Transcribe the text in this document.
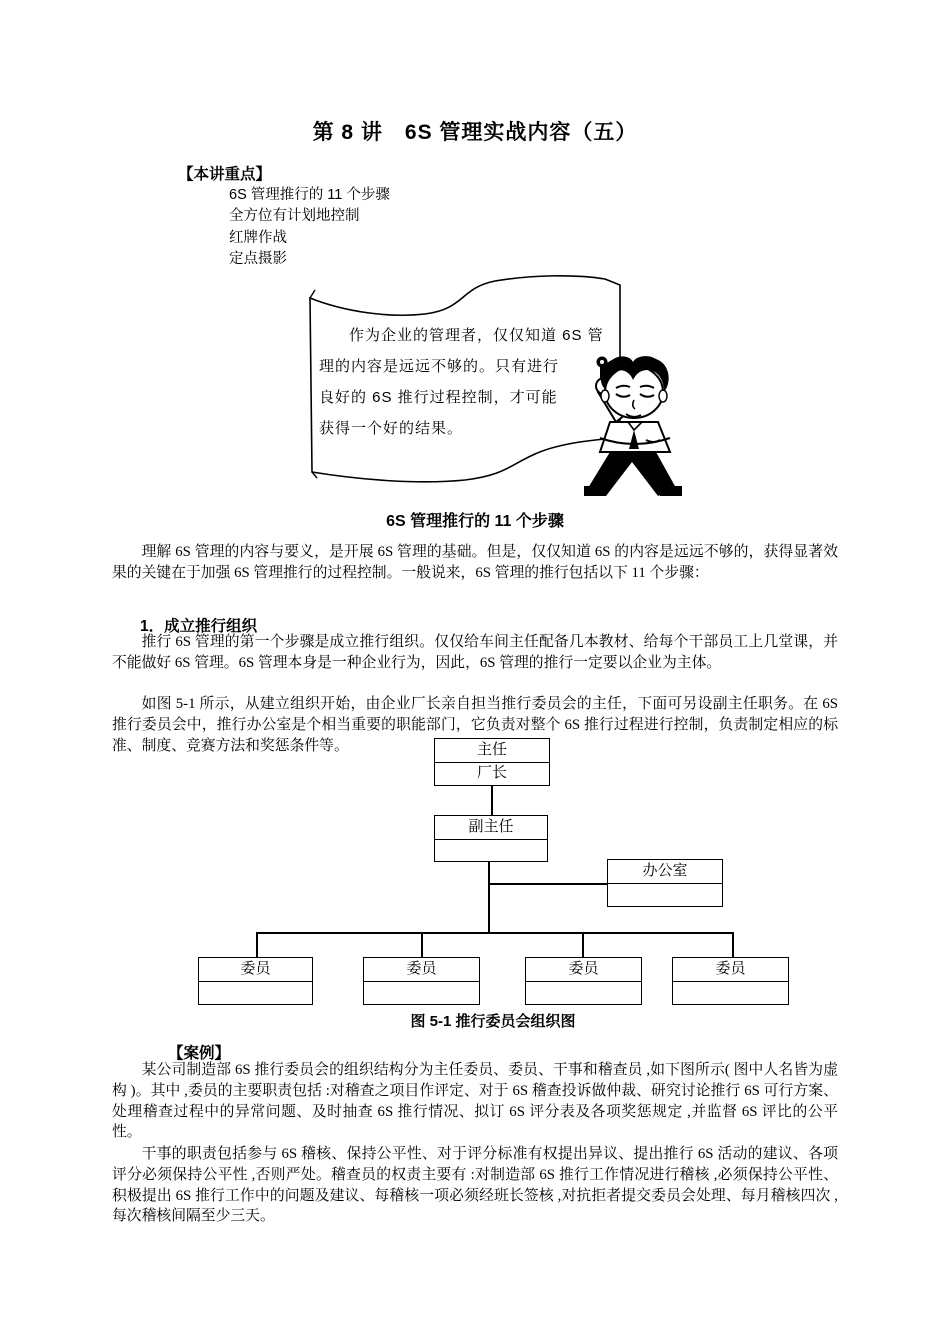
第 8 讲　6S 管理实战内容（五）
【本讲重点】
6S 管理推行的 11 个步骤
全方位有计划地控制
红牌作战
定点摄影
作为企业的管理者，仅仅知道 6S 管
理的内容是远远不够的。只有进行
良好的 6S 推行过程控制，才可能
获得一个好的结果。
6S 管理推行的 11 个步骤
理解 6S 管理的内容与要义，是开展 6S 管理的基础。但是，仅仅知道 6S 的内容是远远不够的，获得显著效果的关键在于加强 6S 管理推行的过程控制。一般说来，6S 管理的推行包括以下 11 个步骤：
1．成立推行组织
推行 6S 管理的第一个步骤是成立推行组织。仅仅给车间主任配备几本教材、给每个干部员工上几堂课，并不能做好 6S 管理。6S 管理本身是一种企业行为，因此，6S 管理的推行一定要以企业为主体。
如图 5-1 所示，从建立组织开始，由企业厂长亲自担当推行委员会的主任，下面可另设副主任职务。在 6S 推行委员会中，推行办公室是个相当重要的职能部门，它负责对整个 6S 推行过程进行控制，负责制定相应的标准、制度、竞赛方法和奖惩条件等。	主任
厂长
副主任
办公室
委员	委员	委员	委员
图 5-1 推行委员会组织图
【案例】
某公司制造部 6S 推行委员会的组织结构分为主任委员、委员、干事和稽查员 ,如下图所示( 图中人名皆为虚构 )。其中 ,委员的主要职责包括 :对稽查之项目作评定、对于 6S 稽查投诉做仲裁、研究讨论推行 6S 可行方案、处理稽查过程中的异常问题、及时抽查 6S 推行情况、拟订 6S 评分表及各项奖惩规定 ,并监督 6S 评比的公平性。
干事的职责包括参与 6S 稽核、保持公平性、对于评分标准有权提出异议、提出推行 6S 活动的建议、各项评分必须保持公平性 ,否则严处。稽查员的权责主要有 :对制造部 6S 推行工作情况进行稽核 ,必须保持公平性、积极提出 6S 推行工作中的问题及建议、每稽核一项必须经班长签核 ,对抗拒者提交委员会处理、每月稽核四次 , 每次稽核间隔至少三天。
